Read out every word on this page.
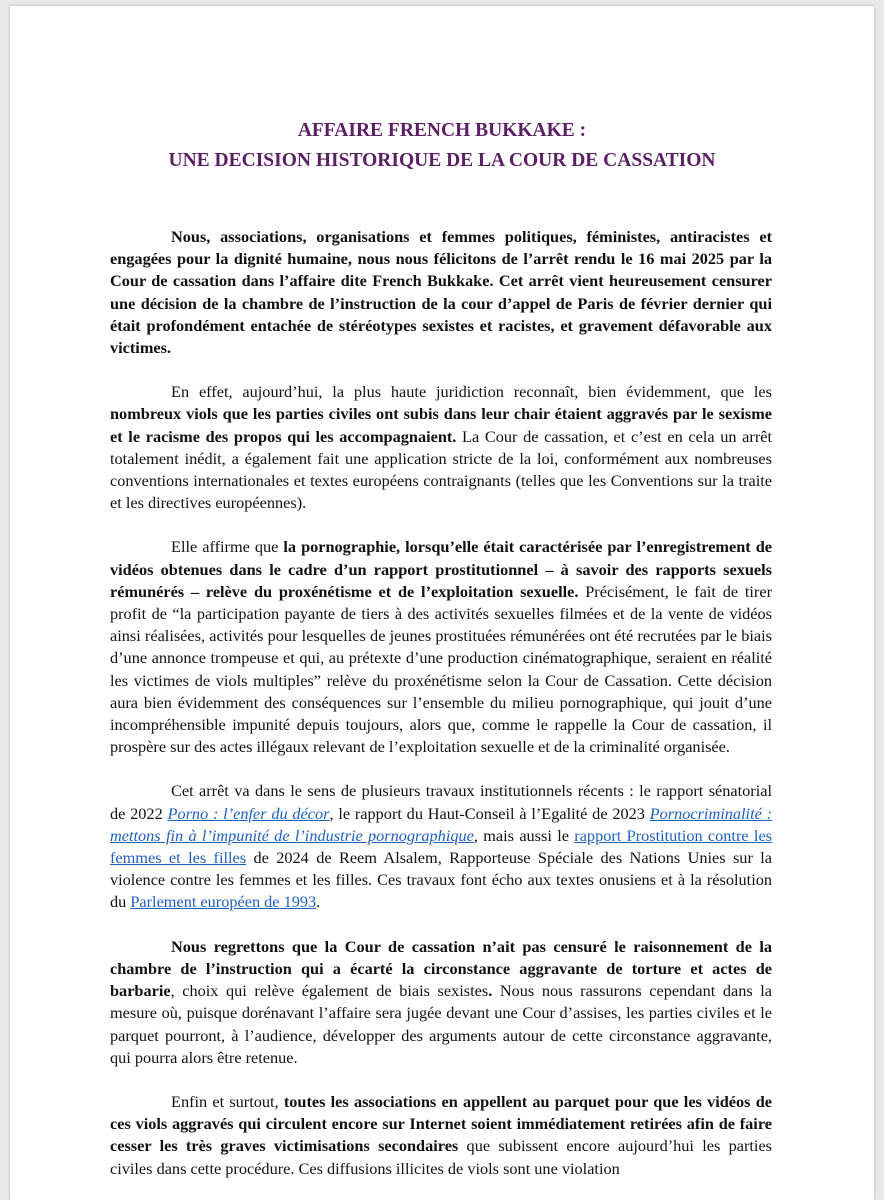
AFFAIRE FRENCH BUKKAKE :
UNE DECISION HISTORIQUE DE LA COUR DE CASSATION

Nous, associations, organisations et femmes politiques, féministes, antiracistes et engagées pour la dignité humaine, nous nous félicitons de l’arrêt rendu le 16 mai 2025 par la Cour de cassation dans l’affaire dite French Bukkake. Cet arrêt vient heureusement censurer une décision de la chambre de l’instruction de la cour d’appel de Paris de février dernier qui était profondément entachée de stéréotypes sexistes et racistes, et gravement défavorable aux victimes.

En effet, aujourd’hui, la plus haute juridiction reconnaît, bien évidemment, que les nombreux viols que les parties civiles ont subis dans leur chair étaient aggravés par le sexisme et le racisme des propos qui les accompagnaient. La Cour de cassation, et c’est en cela un arrêt totalement inédit, a également fait une application stricte de la loi, conformément aux nombreuses conventions internationales et textes européens contraignants (telles que les Conventions sur la traite et les directives européennes).

Elle affirme que la pornographie, lorsqu’elle était caractérisée par l’enregistrement de vidéos obtenues dans le cadre d’un rapport prostitutionnel – à savoir des rapports sexuels rémunérés – relève du proxénétisme et de l’exploitation sexuelle. Précisément, le fait de tirer profit de “la participation payante de tiers à des activités sexuelles filmées et de la vente de vidéos ainsi réalisées, activités pour lesquelles de jeunes prostituées rémunérées ont été recrutées par le biais d’une annonce trompeuse et qui, au prétexte d’une production cinématographique, seraient en réalité les victimes de viols multiples” relève du proxénétisme selon la Cour de Cassation. Cette décision aura bien évidemment des conséquences sur l’ensemble du milieu pornographique, qui jouit d’une incompréhensible impunité depuis toujours, alors que, comme le rappelle la Cour de cassation, il prospère sur des actes illégaux relevant de l’exploitation sexuelle et de la criminalité organisée.

Cet arrêt va dans le sens de plusieurs travaux institutionnels récents : le rapport sénatorial de 2022 Porno : l’enfer du décor, le rapport du Haut-Conseil à l’Egalité de 2023 Pornocriminalité : mettons fin à l’impunité de l’industrie pornographique, mais aussi le rapport Prostitution contre les femmes et les filles de 2024 de Reem Alsalem, Rapporteuse Spéciale des Nations Unies sur la violence contre les femmes et les filles. Ces travaux font écho aux textes onusiens et à la résolution du Parlement européen de 1993.

Nous regrettons que la Cour de cassation n’ait pas censuré le raisonnement de la chambre de l’instruction qui a écarté la circonstance aggravante de torture et actes de barbarie, choix qui relève également de biais sexistes. Nous nous rassurons cependant dans la mesure où, puisque dorénavant l’affaire sera jugée devant une Cour d’assises, les parties civiles et le parquet pourront, à l’audience, développer des arguments autour de cette circonstance aggravante, qui pourra alors être retenue.

Enfin et surtout, toutes les associations en appellent au parquet pour que les vidéos de ces viols aggravés qui circulent encore sur Internet soient immédiatement retirées afin de faire cesser les très graves victimisations secondaires que subissent encore aujourd’hui les parties civiles dans cette procédure. Ces diffusions illicites de viols sont une violation
